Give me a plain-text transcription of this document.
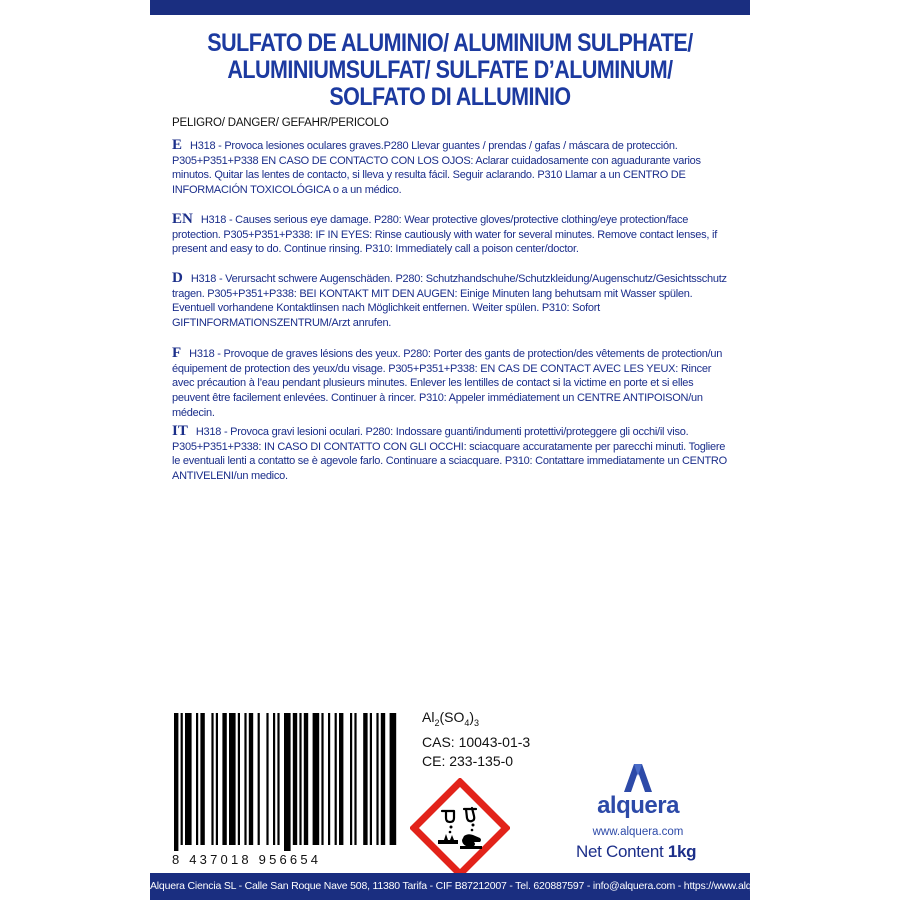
SULFATO DE ALUMINIO/ ALUMINIUM SULPHATE/
ALUMINIUMSULFAT/ SULFATE D’ALUMINUM/
SOLFATO DI ALLUMINIO
PELIGRO/ DANGER/ GEFAHR/PERICOLO
E H318 - Provoca lesiones oculares graves.P280 Llevar guantes / prendas / gafas / máscara de protección. P305+P351+P338 EN CASO DE CONTACTO CON LOS OJOS: Aclarar cuidadosamente con aguadurante varios minutos. Quitar las lentes de contacto, si lleva y resulta fácil. Seguir aclarando. P310 Llamar a un CENTRO DE INFORMACIÓN TOXICOLÓGICA o a un médico.
EN H318 - Causes serious eye damage. P280: Wear protective gloves/protective clothing/eye protection/face protection. P305+P351+P338: IF IN EYES: Rinse cautiously with water for several minutes. Remove contact lenses, if present and easy to do. Continue rinsing. P310: Immediately call a poison center/doctor.
D H318 - Verursacht schwere Augenschäden. P280: Schutzhandschuhe/Schutzkleidung/Augenschutz/Gesichtsschutz tragen. P305+P351+P338: BEI KONTAKT MIT DEN AUGEN: Einige Minuten lang behutsam mit Wasser spülen. Eventuell vorhandene Kontaktlinsen nach Möglichkeit entfernen. Weiter spülen. P310: Sofort GIFTINFORMATIONSZENTRUM/Arzt anrufen.
F H318 - Provoque de graves lésions des yeux. P280: Porter des gants de protection/des vêtements de protection/un équipement de protection des yeux/du visage. P305+P351+P338: EN CAS DE CONTACT AVEC LES YEUX: Rincer avec précaution à l’eau pendant plusieurs minutes. Enlever les lentilles de contact si la victime en porte et si elles peuvent être facilement enlevées. Continuer à rincer. P310: Appeler immédiatement un CENTRE ANTIPOISON/un médecin.
IT H318 - Provoca gravi lesioni oculari. P280: Indossare guanti/indumenti protettivi/proteggere gli occhi/il viso. P305+P351+P338: IN CASO DI CONTATTO CON GLI OCCHI: sciacquare accuratamente per parecchi minuti. Togliere le eventuali lenti a contatto se è agevole farlo. Continuare a sciacquare. P310: Contattare immediatamente un CENTRO ANTIVELENI/un medico.
8 437018 956654
$Al_2(SO_4)_3$
CAS: 10043-01-3
CE: 233-135-0
alquera
www.alquera.com
Net Content 1kg
Alquera Ciencia SL - Calle San Roque Nave 508, 11380 Tarifa - CIF B87212007 - Tel. 620887597 - info@alquera.com - https://www.alquera.com
